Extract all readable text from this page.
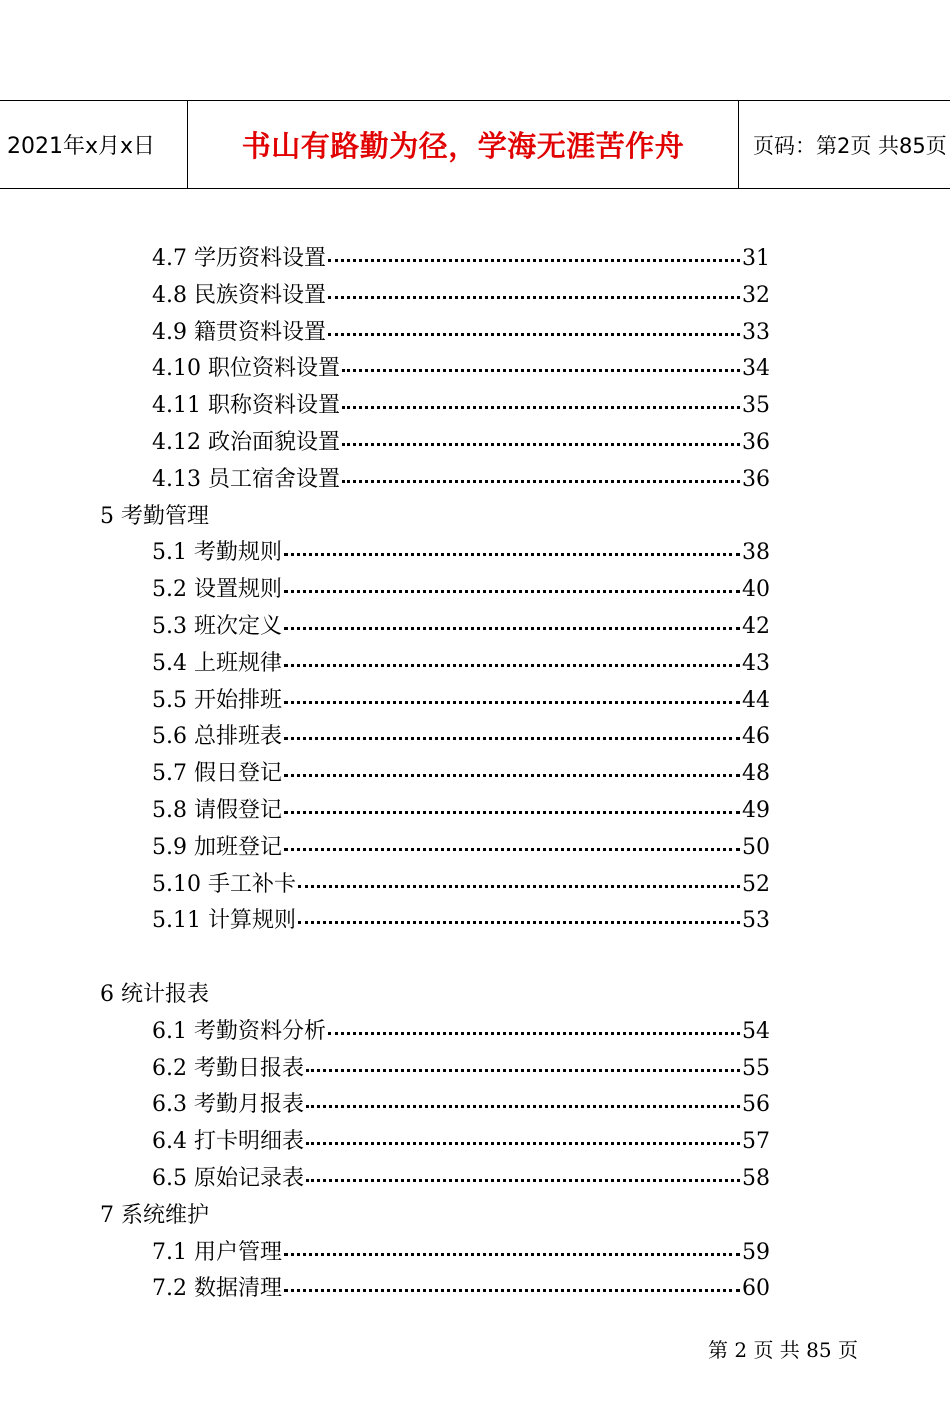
2021年x月x日	书山有路勤为径，学海无涯苦作舟	页码：第2页 共85页
4.7 学历资料设置	31
4.8 民族资料设置	32
4.9 籍贯资料设置	33
4.10 职位资料设置	34
4.11 职称资料设置	35
4.12 政治面貌设置	36
4.13 员工宿舍设置	36
5 考勤管理
5.1 考勤规则	38
5.2 设置规则	40
5.3 班次定义	42
5.4 上班规律	43
5.5 开始排班	44
5.6 总排班表	46
5.7 假日登记	48
5.8 请假登记	49
5.9 加班登记	50
5.10 手工补卡	52
5.11 计算规则	53
6 统计报表
6.1 考勤资料分析	54
6.2 考勤日报表	55
6.3 考勤月报表	56
6.4 打卡明细表	57
6.5 原始记录表	58
7 系统维护
7.1 用户管理	59
7.2 数据清理	60
第 2 页 共 85 页
